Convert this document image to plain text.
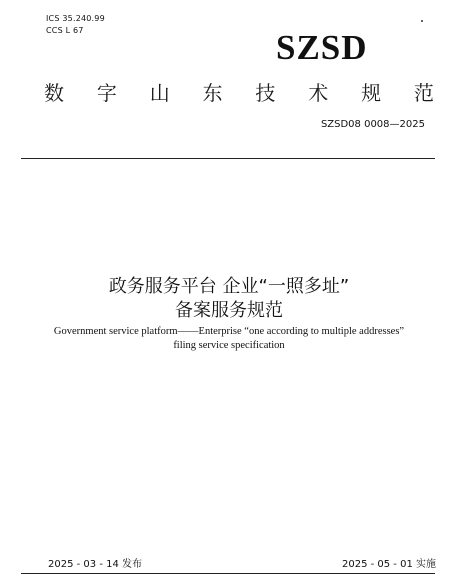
ICS 35.240.99
CCS L 67	SZSD
数 字 山 东 技 术 规 范
SZSD08 0008—2025
政务服务平台 企业“一照多址”
备案服务规范
Government service platform——Enterprise “one according to multiple addresses”
filing service specification
2025 - 03 - 14 发布	2025 - 05 - 01 实施
